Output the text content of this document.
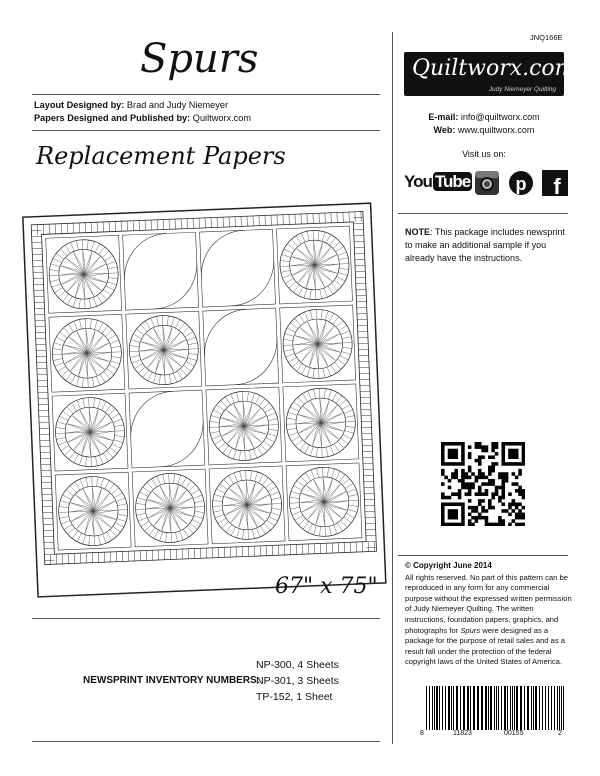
JNQ166E
Spurs
Layout Designed by: Brad and Judy Niemeyer
Papers Designed and Published by: Quiltworx.com
Replacement Papers
67" x 75"
NEWSPRINT INVENTORY NUMBERS:
NP-300, 4 Sheets
NP-301, 3 Sheets
TP-152, 1 Sheet
Quiltworx.com
Judy Niemeyer Quilting
E-mail: info@quiltworx.com
Web: www.quiltworx.com
Visit us on:
You Tube	p f
NOTE: This package includes newsprint to make an additional sample if you already have the instructions.
© Copyright June 2014
All rights reserved. No part of this pattern can be reproduced in any form for any commercial purpose without the expressed written permission of Judy Niemeyer Quilting. The written instructions, foundation papers, graphics, and photographs for Spurs were designed as a package for the purpose of retail sales and as a result fall under the protection of the federal copyright laws of the United States of America.
8	11823	00155	2
